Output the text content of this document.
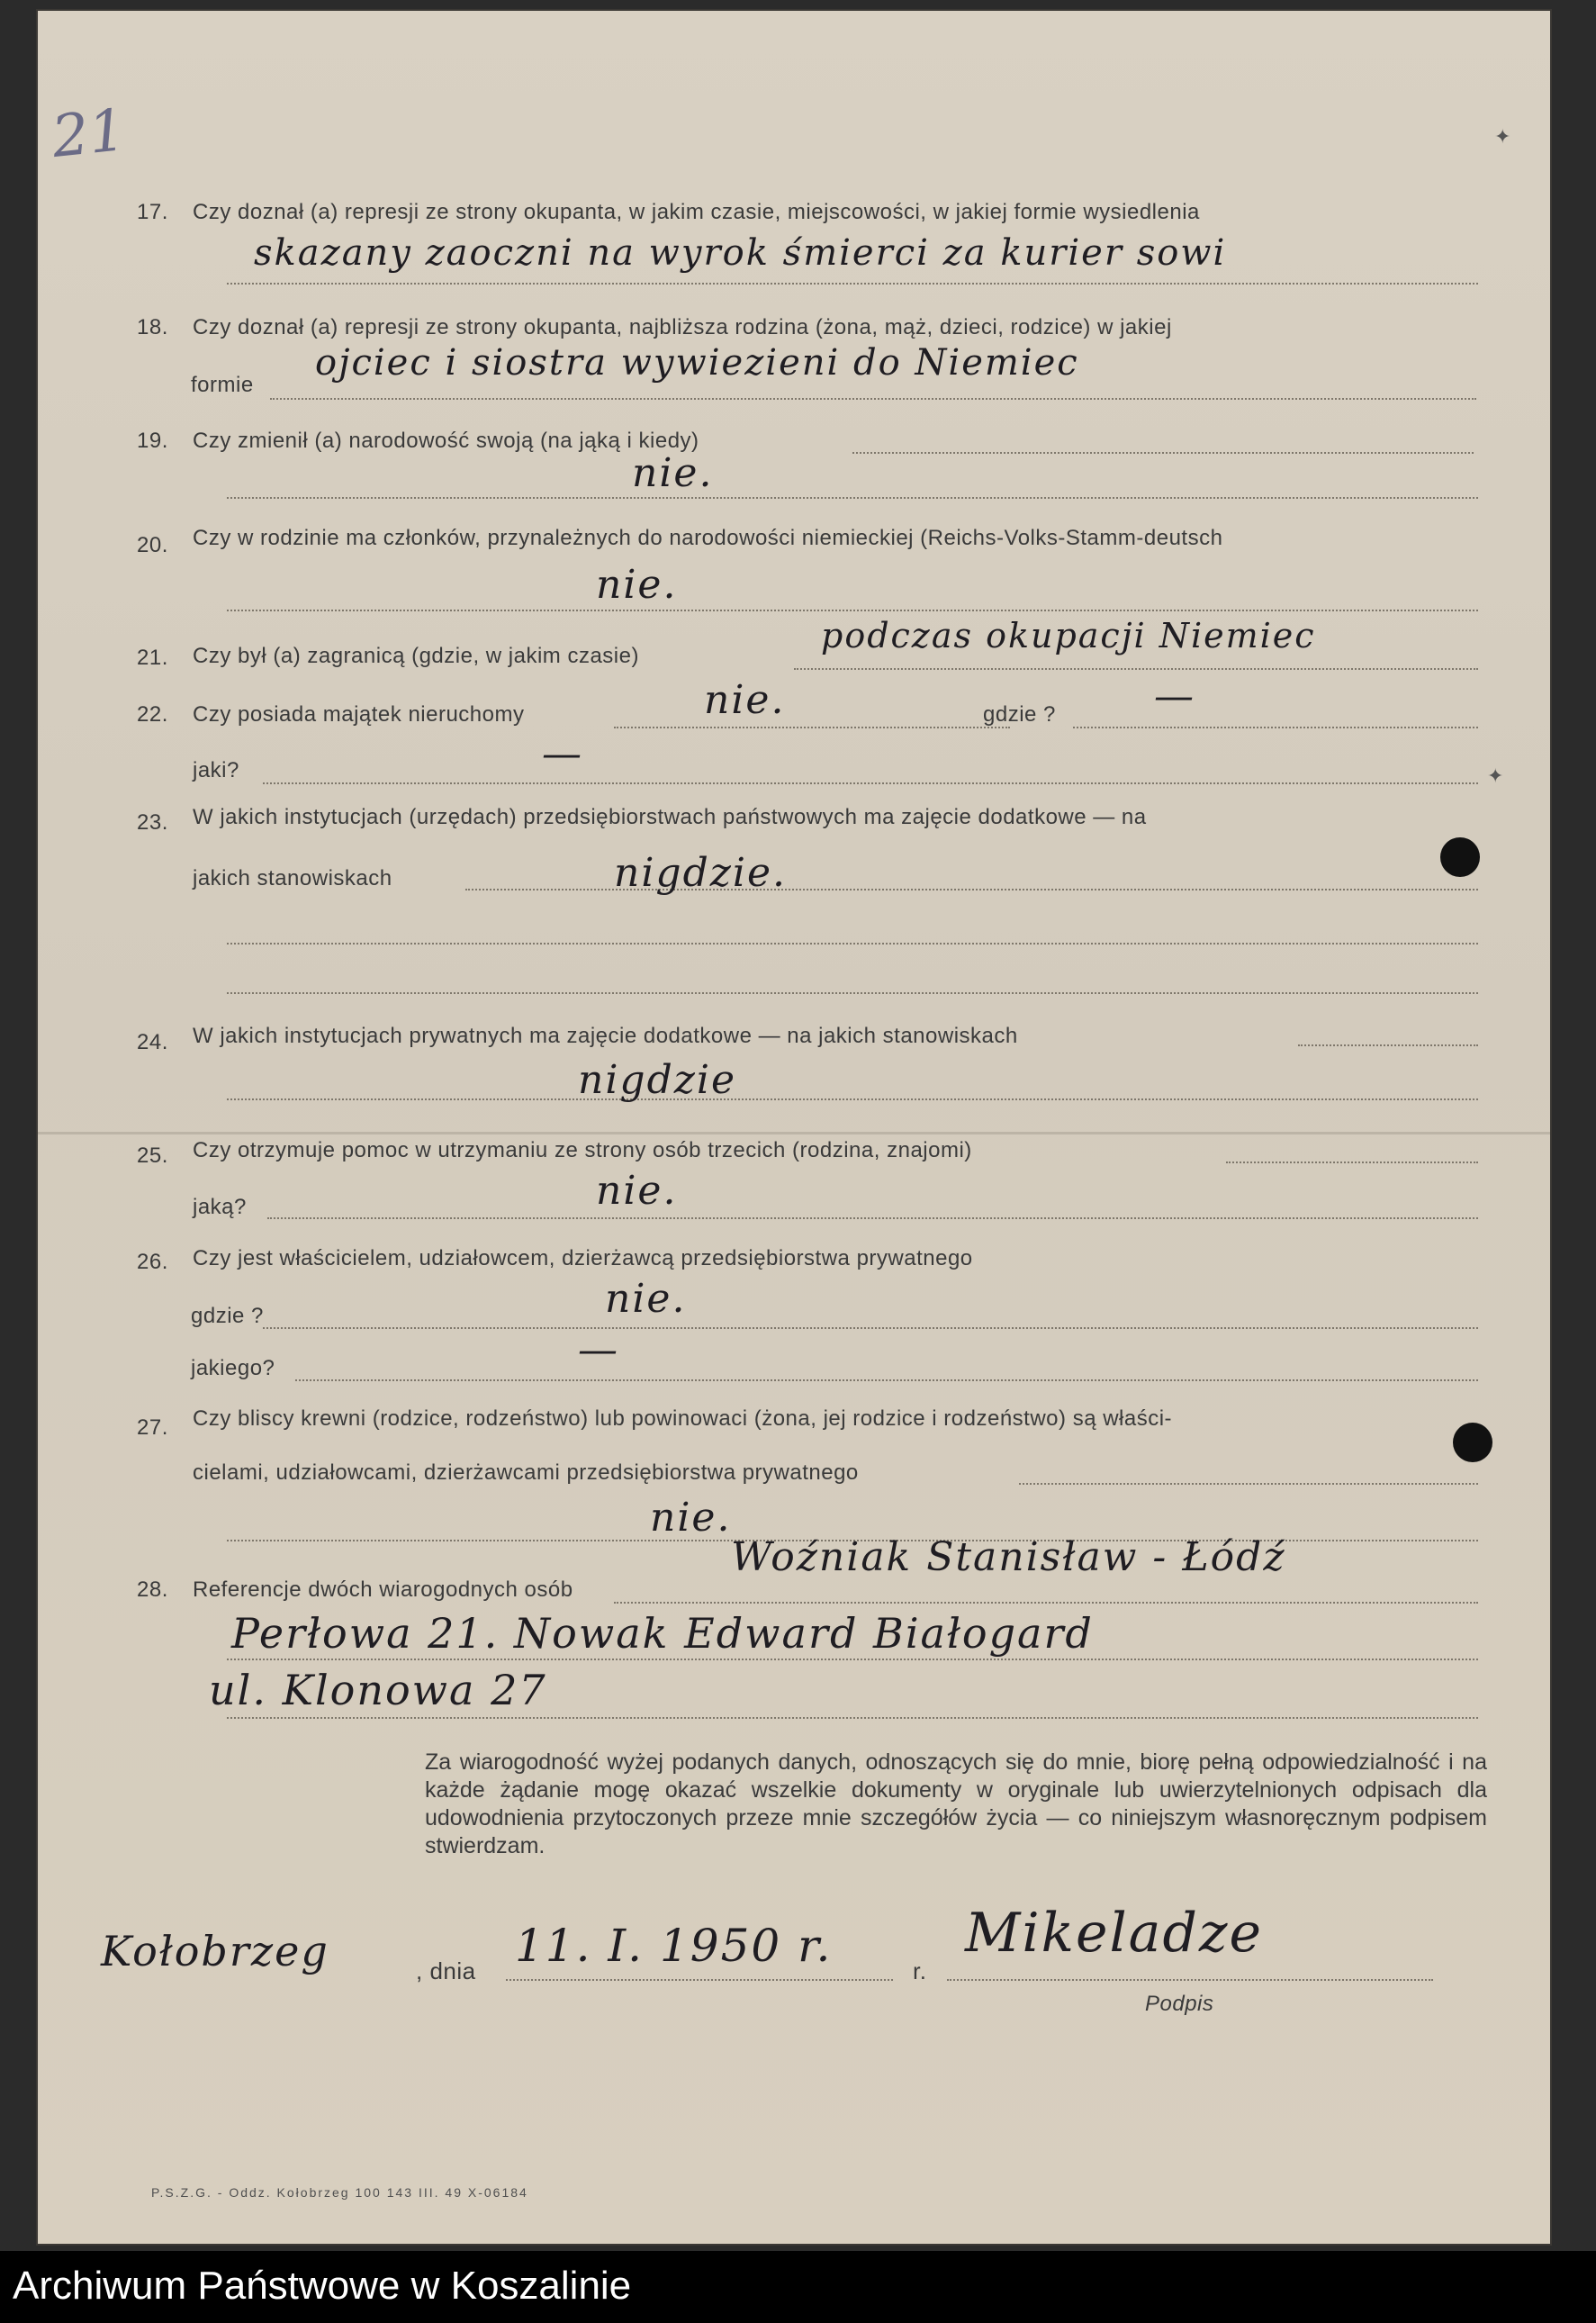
✦
✦
21
17. Czy doznał (a) represji ze strony okupanta, w jakim czasie, miejscowości, w jakiej formie wysiedlenia
skazany zaoczni na wyrok śmierci za kurier sowi
18. Czy doznał (a) represji ze strony okupanta, najbliższa rodzina (żona, mąż, dzieci, rodzice) w jakiej
formie
ojciec i siostra wywiezieni do Niemiec
19. Czy zmienił (a) narodowość swoją (na jąką i kiedy)
nie.
20. Czy w rodzinie ma członków, przynależnych do narodowości niemieckiej (Reichs-Volks-Stamm-deutsch
nie.
21. Czy był (a) zagranicą (gdzie, w jakim czasie)
podczas okupacji Niemiec
22. Czy posiada majątek nieruchomy	nie.	gdzie ? —
jaki?	—
23. W jakich instytucjach (urzędach) przedsiębiorstwach państwowych ma zajęcie dodatkowe — na
jakich stanowiskach	nigdzie.
24. W jakich instytucjach prywatnych ma zajęcie dodatkowe — na jakich stanowiskach
nigdzie
25. Czy otrzymuje pomoc w utrzymaniu ze strony osób trzecich (rodzina, znajomi)
jaką?	nie.
26. Czy jest właścicielem, udziałowcem, dzierżawcą przedsiębiorstwa prywatnego
gdzie ?	nie.
jakiego?	—
27. Czy bliscy krewni (rodzice, rodzeństwo) lub powinowaci (żona, jej rodzice i rodzeństwo) są właści-
cielami, udziałowcami, dzierżawcami przedsiębiorstwa prywatnego
nie.
28. Referencje dwóch wiarogodnych osób
Woźniak Stanisław - Łódź
Perłowa 21. Nowak Edward Białogard
ul. Klonowa 27
Za wiarogodność wyżej podanych danych, odnoszących się do mnie, biorę pełną odpowiedzialność i na każde żądanie mogę okazać wszelkie dokumenty w oryginale lub uwierzytelnionych odpisach dla udowodnienia przytoczonych przeze mnie szczegółów życia — co niniejszym własnoręcznym podpisem stwierdzam.
Kołobrzeg	, dnia 11. I. 1950 r.	r.
Mikeladze
Podpis
P.S.Z.G. - Oddz. Kołobrzeg 100 143 III. 49 X-06184
Archiwum Państwowe w Koszalinie
